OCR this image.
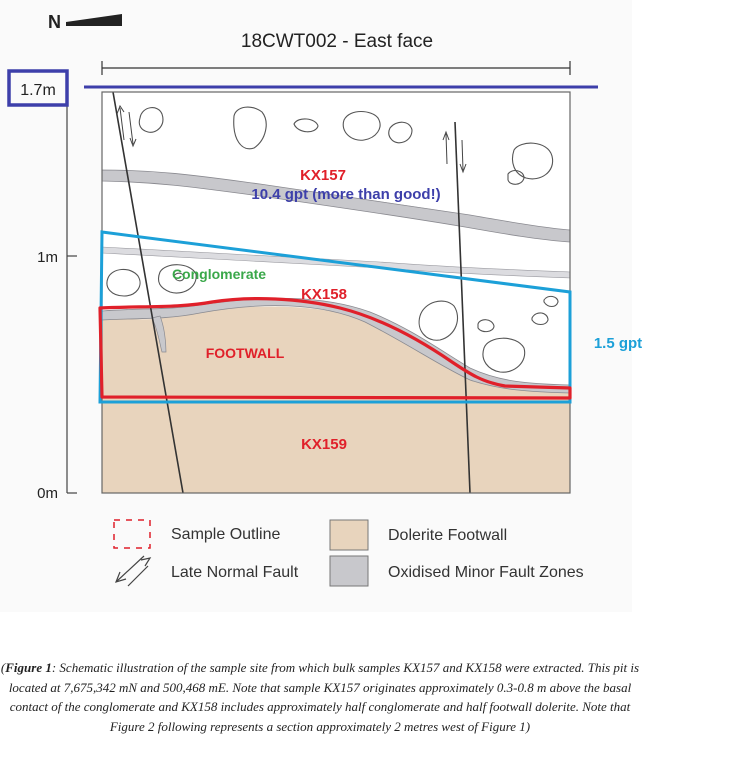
N
18CWT002 - East face
1m
0m
1.7m
KX157
10.4 gpt (more than good!)
Conglomerate
KX158
FOOTWALL
1.5 gpt
KX159
Sample Outline
Late Normal Fault
Dolerite Footwall
Oxidised Minor Fault Zones
(Figure 1: Schematic illustration of the sample site from which bulk samples KX157 and KX158 were extracted. This pit is located at 7,675,342 mN and 500,468 mE. Note that sample KX157 originates approximately 0.3-0.8 m above the basal contact of the conglomerate and KX158 includes approximately half conglomerate and half footwall dolerite. Note that Figure 2 following represents a section approximately 2 metres west of Figure 1)
